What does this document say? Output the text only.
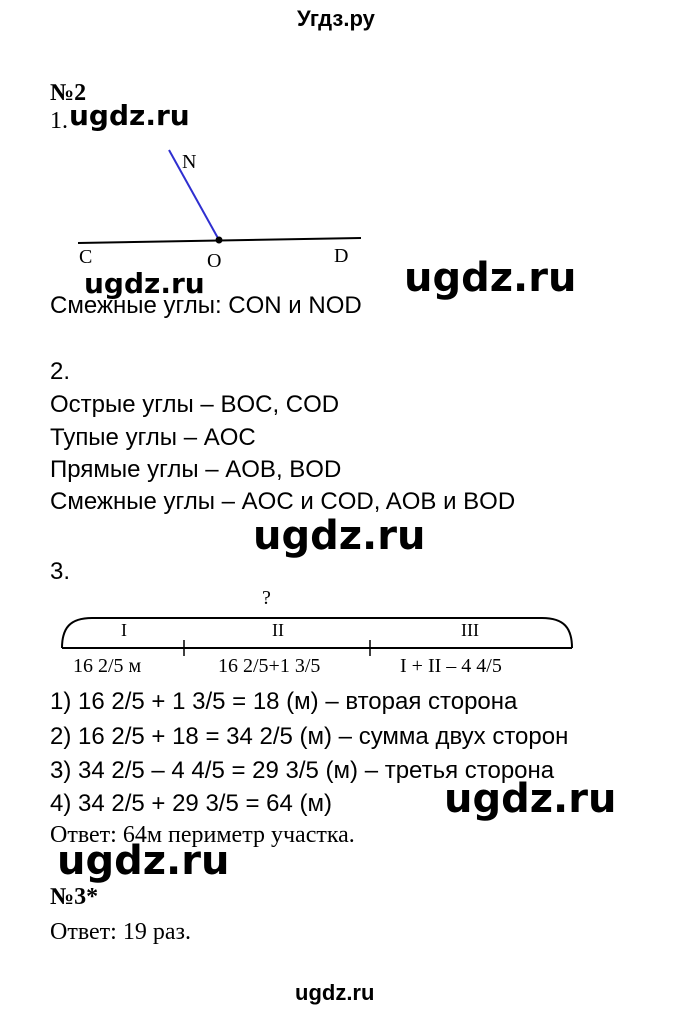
Угдз.ру
№2
1. ugdz.ru
N
C	O	D
ugdz.ru	ugdz.ru
Смежные углы: CON и NOD
2.
Острые углы – BOC, COD
Тупые углы – AOC
Прямые углы – AOB, BOD
Смежные углы – AOC и COD, AOB и BOD
ugdz.ru
3.
?
I	II	III
16 2/5 м	16 2/5+1 3/5	I + II – 4 4/5
1) 16 2/5 + 1 3/5 = 18 (м) – вторая сторона
2) 16 2/5 + 18 = 34 2/5 (м) – сумма двух сторон
3) 34 2/5 – 4 4/5 = 29 3/5 (м) – третья сторона
4) 34 2/5 + 29 3/5 = 64 (м)	ugdz.ru
Ответ: 64м периметр участка.
ugdz.ru
№3*
Ответ: 19 раз.
ugdz.ru
